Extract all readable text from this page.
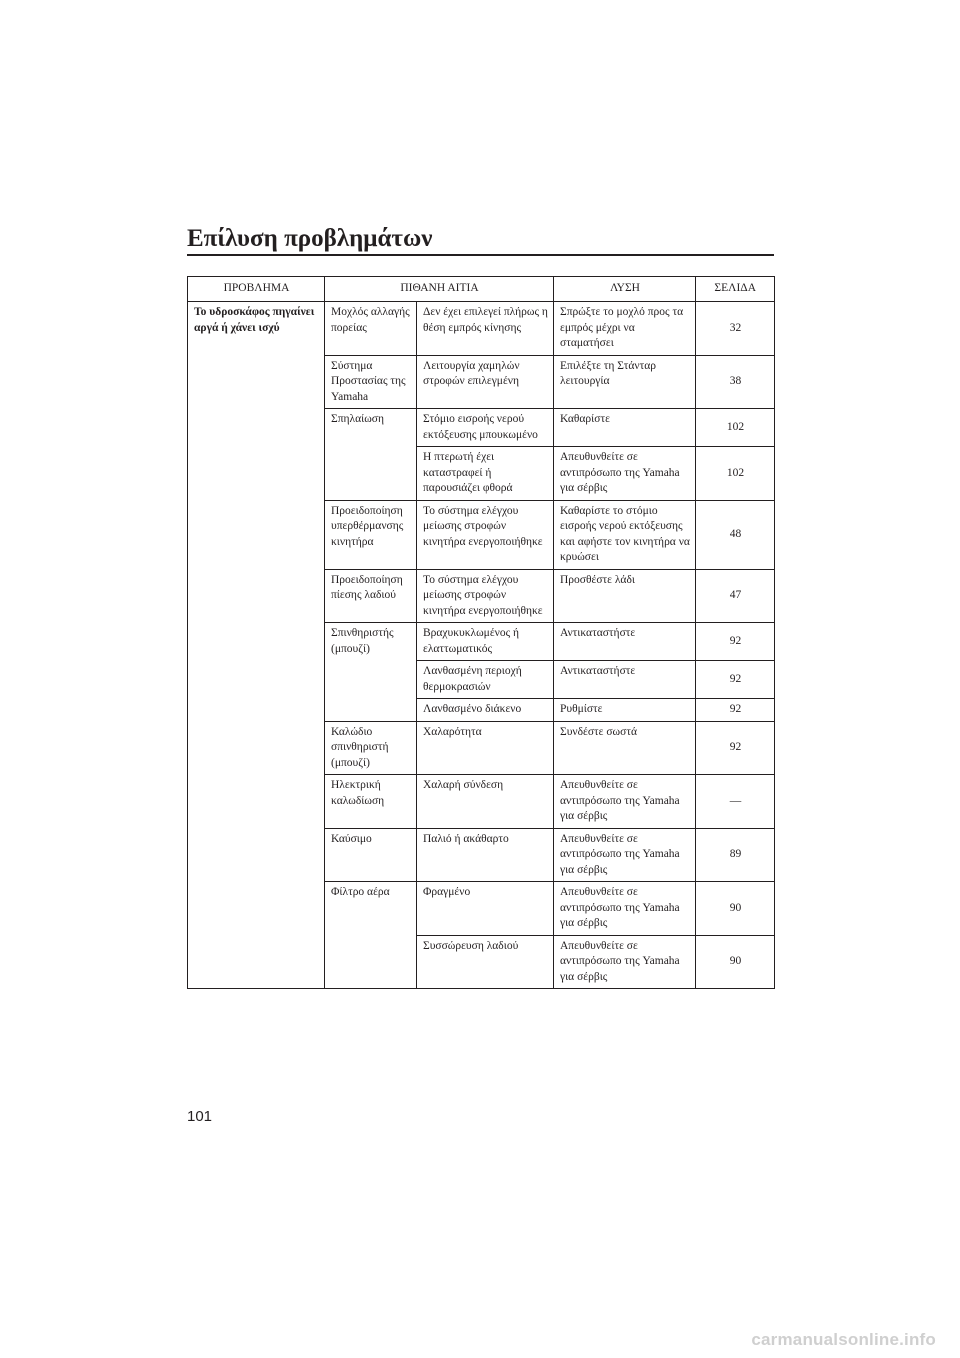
Επίλυση προβλημάτων
ΠΡΟΒΛΗΜΑ	ΠΙΘΑΝΗ ΑΙΤΙΑ		ΛΥΣΗ	ΣΕΛΙΔΑ
Το υδροσκάφος πηγαίνει αργά ή χάνει ισχύ	Μοχλός αλλαγής πορείας	Δεν έχει επιλεγεί πλήρως η θέση εμπρός κίνησης	Σπρώξτε το μοχλό προς τα εμπρός μέχρι να σταματήσει	32
	Σύστημα Προστασίας της Yamaha	Λειτουργία χαμηλών στροφών επιλεγμένη	Επιλέξτε τη Στάνταρ λειτουργία	38
	Σπηλαίωση	Στόμιο εισροής νερού εκτόξευσης μπουκωμένο	Καθαρίστε	102
		Η πτερωτή έχει καταστραφεί ή παρουσιάζει φθορά	Απευθυνθείτε σε αντιπρόσωπο της Yamaha για σέρβις	102
	Προειδοποίηση υπερθέρμανσης κινητήρα	Το σύστημα ελέγχου μείωσης στροφών κινητήρα ενεργοποιήθηκε	Καθαρίστε το στόμιο εισροής νερού εκτόξευσης και αφήστε τον κινητήρα να κρυώσει	48
	Προειδοποίηση πίεσης λαδιού	Το σύστημα ελέγχου μείωσης στροφών κινητήρα ενεργοποιήθηκε	Προσθέστε λάδι	47
	Σπινθηριστής (μπουζί)	Βραχυκυκλωμένος ή ελαττωματικός	Αντικαταστήστε	92
		Λανθασμένη περιοχή θερμοκρασιών	Αντικαταστήστε	92
		Λανθασμένο διάκενο	Ρυθμίστε	92
	Καλώδιο σπινθηριστή (μπουζί)	Χαλαρότητα	Συνδέστε σωστά	92
	Ηλεκτρική καλωδίωση	Χαλαρή σύνδεση	Απευθυνθείτε σε αντιπρόσωπο της Yamaha για σέρβις	—
	Καύσιμο	Παλιό ή ακάθαρτο	Απευθυνθείτε σε αντιπρόσωπο της Yamaha για σέρβις	89
	Φίλτρο αέρα	Φραγμένο	Απευθυνθείτε σε αντιπρόσωπο της Yamaha για σέρβις	90
		Συσσώρευση λαδιού	Απευθυνθείτε σε αντιπρόσωπο της Yamaha για σέρβις	90
101
carmanualsonline.info
